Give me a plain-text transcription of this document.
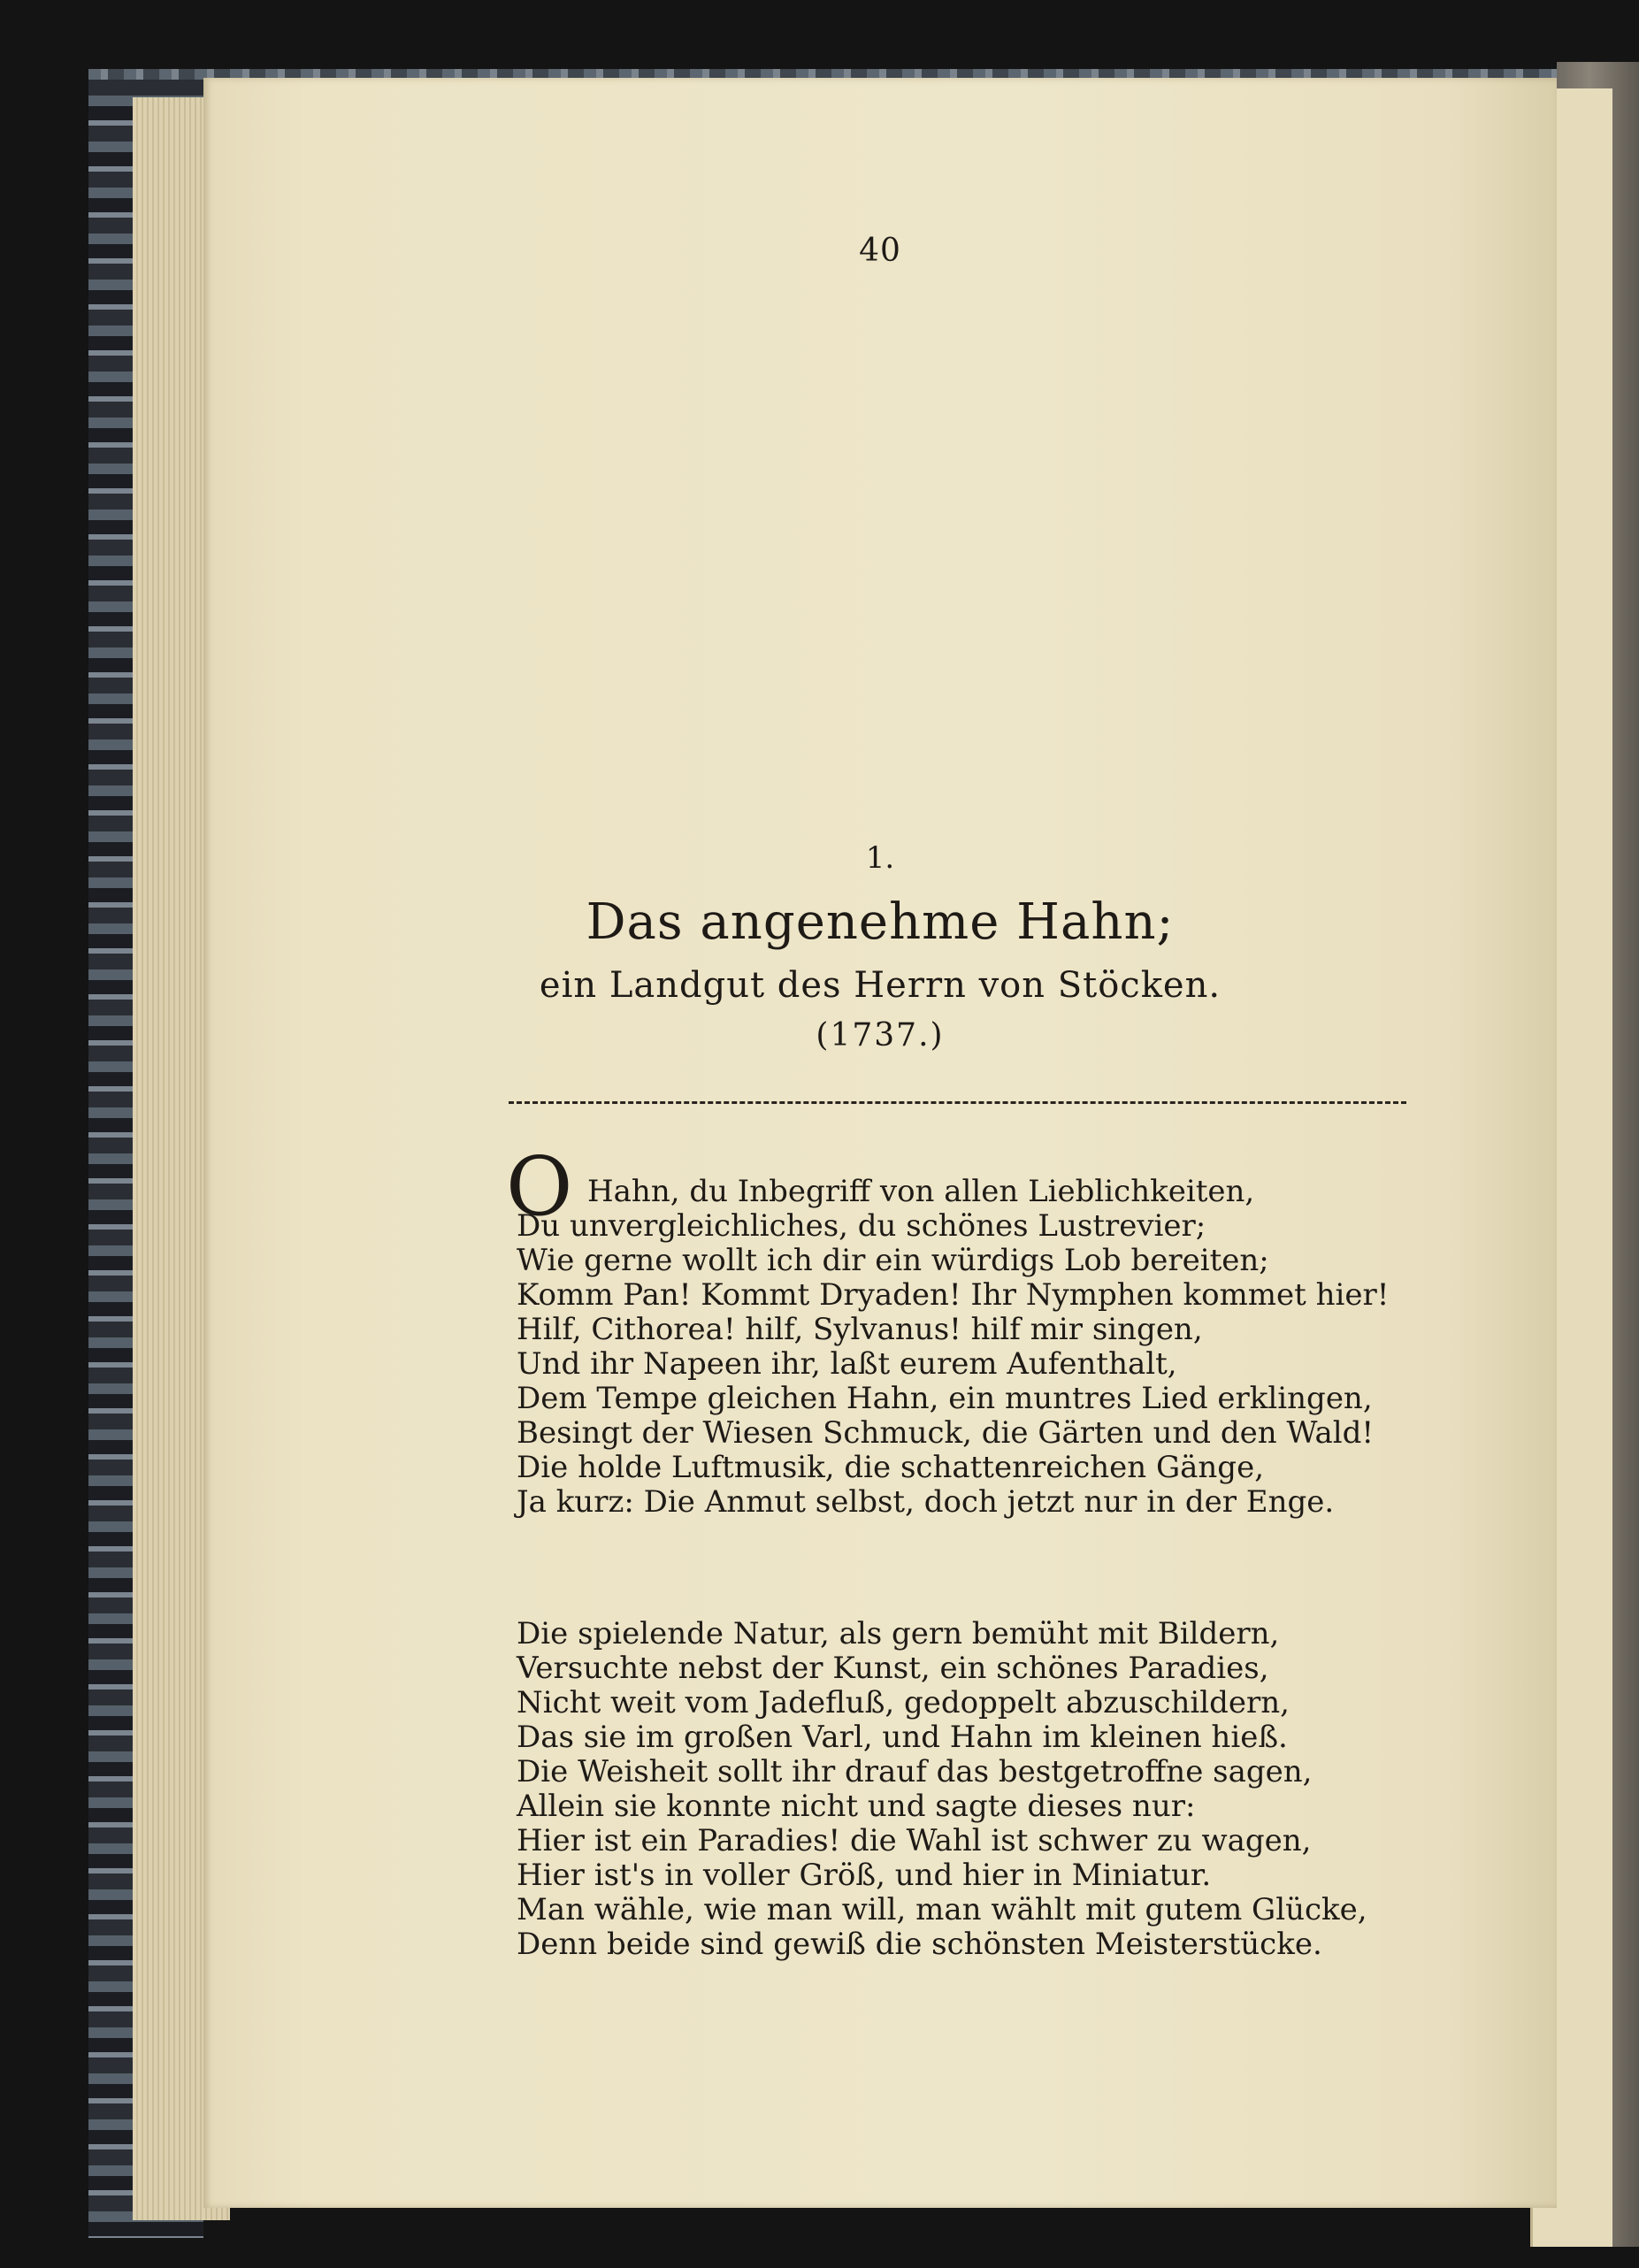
40
1.
Das angenehme Hahn;
ein Landgut des Herrn von Stöcken.
(1737.)
O Hahn, du Inbegriff von allen Lieblichkeiten,
Du unvergleichliches, du schönes Lustrevier;
Wie gerne wollt ich dir ein würdigs Lob bereiten;
Komm Pan! Kommt Dryaden! Ihr Nymphen kommet hier!
Hilf, Cithorea! hilf, Sylvanus! hilf mir singen,
Und ihr Napeen ihr, laßt eurem Aufenthalt,
Dem Tempe gleichen Hahn, ein muntres Lied erklingen,
Besingt der Wiesen Schmuck, die Gärten und den Wald!
Die holde Luftmusik, die schattenreichen Gänge,
Ja kurz: Die Anmut selbst, doch jetzt nur in der Enge.
Die spielende Natur, als gern bemüht mit Bildern,
Versuchte nebst der Kunst, ein schönes Paradies,
Nicht weit vom Jadefluß, gedoppelt abzuschildern,
Das sie im großen Varl, und Hahn im kleinen hieß.
Die Weisheit sollt ihr drauf das bestgetroffne sagen,
Allein sie konnte nicht und sagte dieses nur:
Hier ist ein Paradies! die Wahl ist schwer zu wagen,
Hier ist's in voller Größ, und hier in Miniatur.
Man wähle, wie man will, man wählt mit gutem Glücke,
Denn beide sind gewiß die schönsten Meisterstücke.
